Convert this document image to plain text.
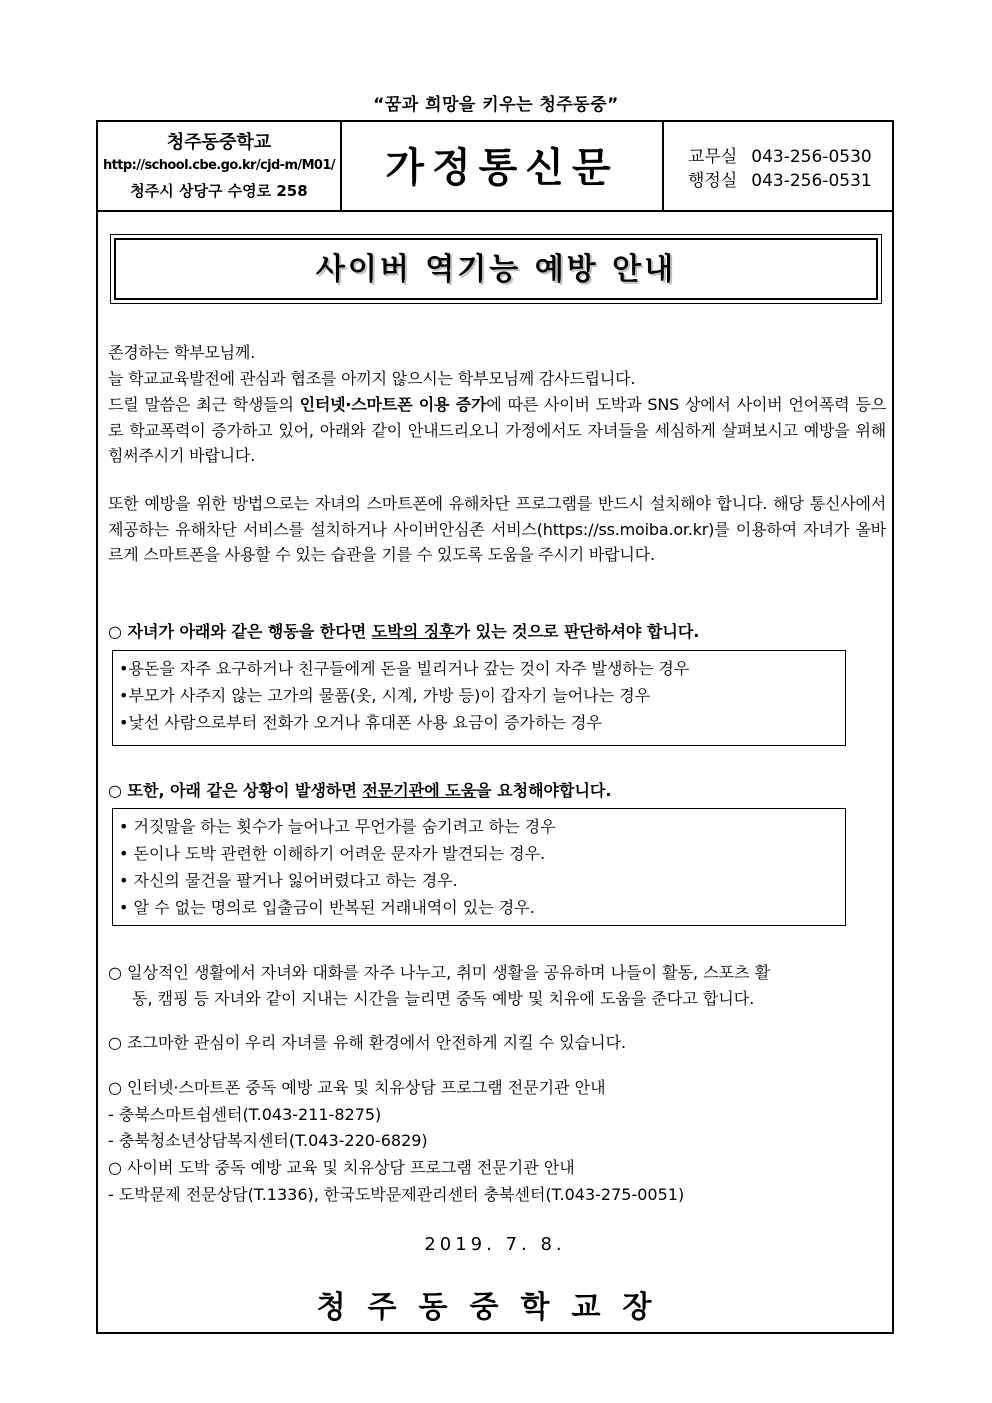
“꿈과 희망을 키우는 청주동중”
청주동중학교
http://school.cbe.go.kr/cjd-m/M01/
청주시 상당구 수영로 258	가정통신문	교무실 043-256-0530
행정실 043-256-0531
사이버 역기능 예방 안내
존경하는 학부모님께.
늘 학교교육발전에 관심과 협조를 아끼지 않으시는 학부모님께 감사드립니다.
드릴 말씀은 최근 학생들의 인터넷·스마트폰 이용 증가에 따른 사이버 도박과 SNS 상에서 사이버 언어폭력 등으로 학교폭력이 증가하고 있어, 아래와 같이 안내드리오니 가정에서도 자녀들을 세심하게 살펴보시고 예방을 위해 힘써주시기 바랍니다.
또한 예방을 위한 방법으로는 자녀의 스마트폰에 유해차단 프로그램를 반드시 설치해야 합니다. 해당 통신사에서 제공하는 유해차단 서비스를 설치하거나 사이버안심존 서비스(https://ss.moiba.or.kr)를 이용하여 자녀가 올바르게 스마트폰을 사용할 수 있는 습관을 기를 수 있도록 도움을 주시기 바랍니다.
○ 자녀가 아래와 같은 행동을 한다면 도박의 징후가 있는 것으로 판단하셔야 합니다.
•용돈을 자주 요구하거나 친구들에게 돈을 빌리거나 갚는 것이 자주 발생하는 경우
•부모가 사주지 않는 고가의 물품(옷, 시계, 가방 등)이 갑자기 늘어나는 경우
•낯선 사람으로부터 전화가 오거나 휴대폰 사용 요금이 증가하는 경우
○ 또한, 아래 같은 상황이 발생하면 전문기관에 도움을 요청해야합니다.
• 거짓말을 하는 횟수가 늘어나고 무언가를 숨기려고 하는 경우
• 돈이나 도박 관련한 이해하기 어려운 문자가 발견되는 경우.
• 자신의 물건을 팔거나 잃어버렸다고 하는 경우.
• 알 수 없는 명의로 입출금이 반복된 거래내역이 있는 경우.
○ 일상적인 생활에서 자녀와 대화를 자주 나누고, 취미 생활을 공유하며 나들이 활동, 스포츠 활
동, 캠핑 등 자녀와 같이 지내는 시간을 늘리면 중독 예방 및 치유에 도움을 준다고 합니다.
○ 조그마한 관심이 우리 자녀를 유해 환경에서 안전하게 지킬 수 있습니다.
○ 인터넷·스마트폰 중독 예방 교육 및 치유상담 프로그램 전문기관 안내
- 충북스마트쉼센터(T.043-211-8275)
- 충북청소년상담복지센터(T.043-220-6829)
○ 사이버 도박 중독 예방 교육 및 치유상담 프로그램 전문기관 안내
- 도박문제 전문상담(T.1336), 한국도박문제관리센터 충북센터(T.043-275-0051)
2019. 7. 8.
청주동중학교장
